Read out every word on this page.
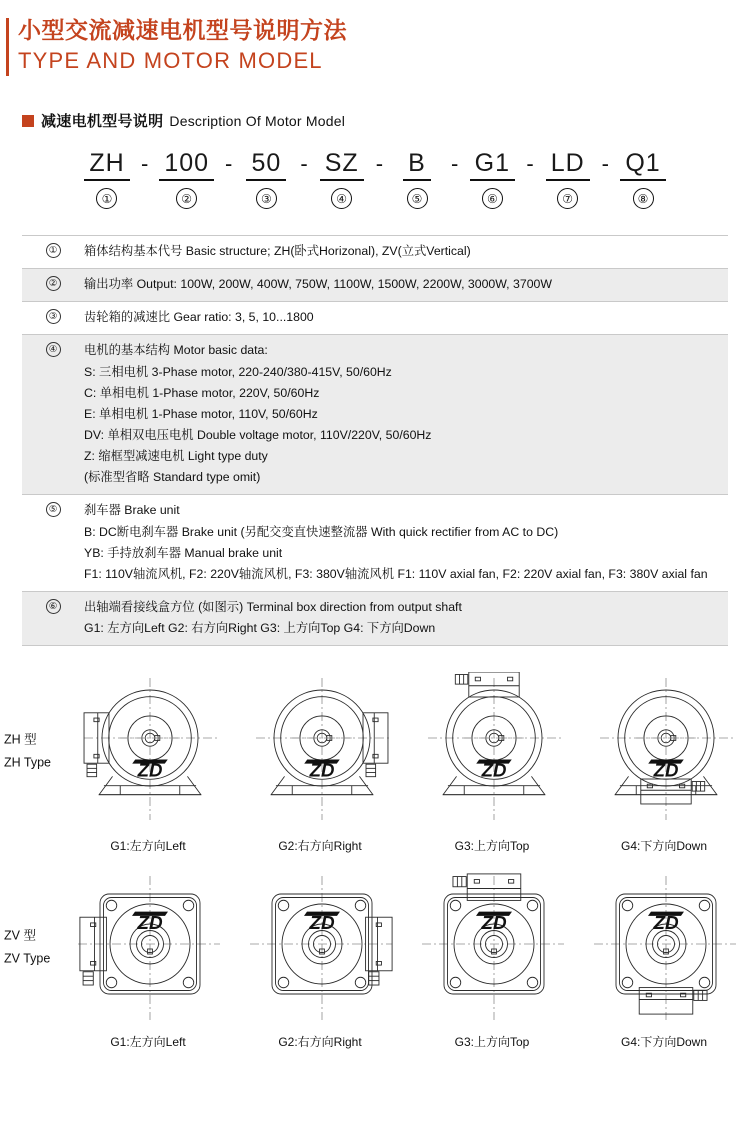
小型交流减速电机型号说明方法
TYPE AND MOTOR MODEL
减速电机型号说明 Description Of Motor Model
ZH
①
- 100
②
- 50
③
- SZ
④
-	B
⑤
- G1
⑥
- LD
⑦
- Q1
⑧
① 箱体结构基本代号 Basic structure; ZH(卧式Horizonal), ZV(立式Vertical)
② 输出功率 Output: 100W, 200W, 400W, 750W, 1100W, 1500W, 2200W, 3000W, 3700W
③ 齿轮箱的减速比 Gear ratio: 3, 5, 10...1800
④ 电机的基本结构 Motor basic data:
S: 三相电机 3-Phase motor, 220-240/380-415V, 50/60Hz
C: 单相电机 1-Phase motor, 220V, 50/60Hz
E: 单相电机 1-Phase motor, 110V, 50/60Hz
DV: 单相双电压电机 Double voltage motor, 110V/220V, 50/60Hz
Z: 缩框型减速电机 Light type duty
(标准型省略 Standard type omit)
⑤ 刹车器 Brake unit
B: DC断电刹车器 Brake unit (另配交变直快速整流器 With quick rectifier from AC to DC)
YB: 手持放刹车器 Manual brake unit
F1: 110V轴流风机, F2: 220V轴流风机, F3: 380V轴流风机 F1: 110V axial fan, F2: 220V axial fan, F3: 380V axial fan
⑥ 出轴端看接线盒方位 (如图示) Terminal box direction from output shaft
G1: 左方向Left G2: 右方向Right G3: 上方向Top G4: 下方向Down
ZH 型
ZH Type	ZD
G1:左方向Left
ZD
G2:右方向Right
ZD
G3:上方向Top
ZD
G4:下方向Down
ZV 型
ZV Type
ZD
G1:左方向Left
ZD
G2:右方向Right
ZD
G3:上方向Top
ZD
G4:下方向Down
